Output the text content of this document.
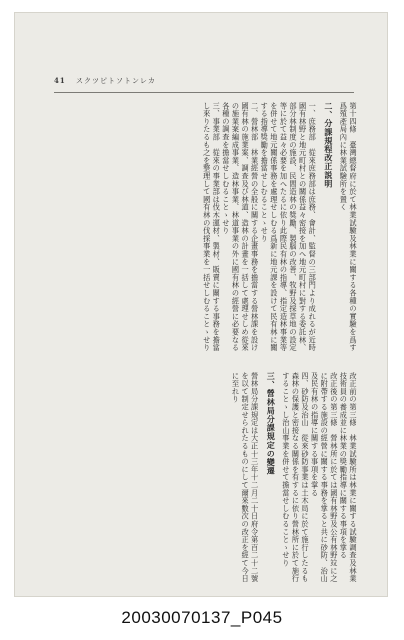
41 スクツピトソトンレカ

第十四條　臺灣總督府に於て林業試驗及林業に關する各種の實驗を爲す爲殖產局內に林業試驗所を置く

二、分課規程改正説明

一、庶務部　從來庶務部は庶務、會計、監督の三部門より成れるが近時國有林野と地元町村との關係益々密接を加へ地元町村に對する委託林、部分林制度の施設、民間造林の獎勵、製腦の改善、牧野及採草地の設定等に於て益々必要を加へたるに依り此際民有林の指導、指定造林事業等を併せて地元關係事務を處理せしむる爲新に地元課を設けて民有林に關する指導獎勵を擔當せしむることゝせり

二、營林部　林業經營の全般に關する企畫事務を擔當する營林課を設け國有林の施業案、調查及び林道、造林の計畫を一括して處理せしめ從來の施業案編成事業、造林事業、林道事業の外に國有林の經營に必要なる各種の調查を擔當せしむることゝせり

三、事業部　從來の事業部は伐木運材、製材、販賣に關する事務を擔當し來りたるも之を整理して國有林の伐採事業を一括せしむることゝせり

改正前の第三條　林業試驗所は林業に關する試驗調查及林業技術員の養成並に林業の獎勵指導に關する事項を掌る

改正後の第三條　營林所に於ては國有林野及公有林野竝に之に附帶する施設の經營に關する事務を掌ると共に砂防、治山及民有林の指導に關する事項を掌る

四、砂防及治山　從來砂防事業は土木局に於て施行したるも森林の保護と密接なる關係を有するに依り營林所に於て施行することゝし治山事業を併せて擔當せしむることゝせり

三、營林局分課規定の變遷

營林局分課規定は大正十三年十二月二十日府令第百二十二號を以て制定せられたるものにして爾來數次の改正を經て今日に至れり

20030070137_P045
